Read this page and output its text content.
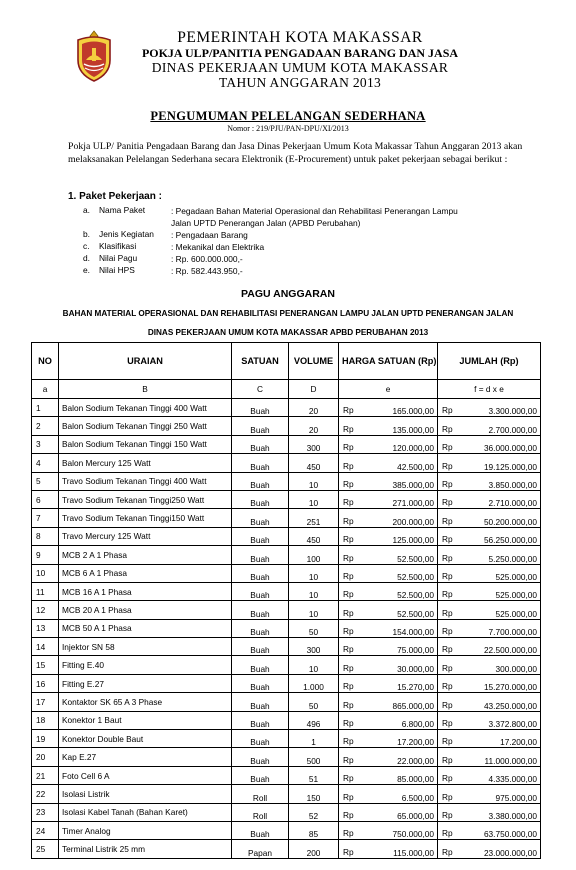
PEMERINTAH KOTA MAKASSAR
POKJA ULP/PANITIA PENGADAAN BARANG DAN JASA
DINAS PEKERJAAN UMUM KOTA MAKASSAR
TAHUN ANGGARAN 2013
PENGUMUMAN PELELANGAN SEDERHANA
Nomor : 219/PJU/PAN-DPU/XI/2013
Pokja ULP/ Panitia Pengadaan Barang dan Jasa Dinas Pekerjaan Umum Kota Makassar Tahun Anggaran 2013 akan melaksanakan Pelelangan Sederhana secara Elektronik (E-Procurement) untuk paket pekerjaan sebagai berikut :
1. Paket Pekerjaan :
a. Nama Paket	: Pegadaan Bahan Material Operasional dan Rehabilitasi Penerangan Lampu Jalan UPTD Penerangan Jalan (APBD Perubahan)
b. Jenis Kegiatan : Pengadaan Barang
c. Klasifikasi	: Mekanikal dan Elektrika
d. Nilai Pagu	: Rp. 600.000.000,-
e. Nilai HPS	: Rp. 582.443.950,-
PAGU ANGGARAN
BAHAN MATERIAL OPERASIONAL DAN REHABILITASI PENERANGAN LAMPU JALAN UPTD PENERANGAN JALAN
DINAS PEKERJAAN UMUM KOTA MAKASSAR APBD PERUBAHAN 2013
NO	URAIAN	SATUAN	VOLUME	HARGA SATUAN (Rp)	JUMLAH (Rp)
a	B	C	D	e	f = d x e
1	Balon Sodium Tekanan Tinggi 400 Watt	Buah	20	Rp 165.000,00	Rp 3.300.000,00

2	Balon Sodium Tekanan Tinggi 250 Watt	Buah	20	Rp 135.000,00	Rp 2.700.000,00

3	Balon Sodium Tekanan Tinggi 150 Watt	Buah	300	Rp 120.000,00	Rp 36.000.000,00

4	Balon Mercury 125 Watt	Buah	450	Rp 42.500,00	Rp 19.125.000,00

5	Travo Sodium Tekanan Tinggi 400 Watt	Buah	10	Rp 385.000,00	Rp 3.850.000,00

6	Travo Sodium Tekanan Tinggi250 Watt	Buah	10	Rp 271.000,00	Rp 2.710.000,00

7	Travo Sodium Tekanan Tinggi150 Watt	Buah	251	Rp 200.000,00	Rp 50.200.000,00

8	Travo Mercury 125 Watt	Buah	450	Rp 125.000,00	Rp 56.250.000,00

9	MCB 2 A 1 Phasa	Buah	100	Rp 52.500,00	Rp 5.250.000,00

10	MCB 6 A 1 Phasa	Buah	10	Rp 52.500,00	Rp 525.000,00

11	MCB 16 A 1 Phasa	Buah	10	Rp 52.500,00	Rp 525.000,00

12	MCB 20 A 1 Phasa	Buah	10	Rp 52.500,00	Rp 525.000,00

13	MCB 50 A 1 Phasa	Buah	50	Rp 154.000,00	Rp 7.700.000,00

14	Injektor SN 58	Buah	300	Rp 75.000,00	Rp 22.500.000,00

15	Fitting E.40	Buah	10	Rp 30.000,00	Rp 300.000,00

16	Fitting E.27	Buah	1.000	Rp 15.270,00	Rp 15.270.000,00

17	Kontaktor SK 65 A 3 Phase	Buah	50	Rp 865.000,00	Rp 43.250.000,00

18	Konektor 1 Baut	Buah	496	Rp 6.800,00	Rp 3.372.800,00

19	Konektor Double Baut	Buah	1	Rp 17.200,00	Rp 17.200,00

20	Kap E.27	Buah	500	Rp 22.000,00	Rp 11.000.000,00

21	Foto Cell 6 A	Buah	51	Rp 85.000,00	Rp 4.335.000,00

22	Isolasi Listrik	Roll	150	Rp 6.500,00	Rp 975.000,00

23	Isolasi Kabel Tanah (Bahan Karet)	Roll	52	Rp 65.000,00	Rp 3.380.000,00

24	Timer Analog	Buah	85	Rp 750.000,00	Rp 63.750.000,00

25	Terminal Listrik 25 mm	Papan	200	Rp 115.000,00	Rp 23.000.000,00
